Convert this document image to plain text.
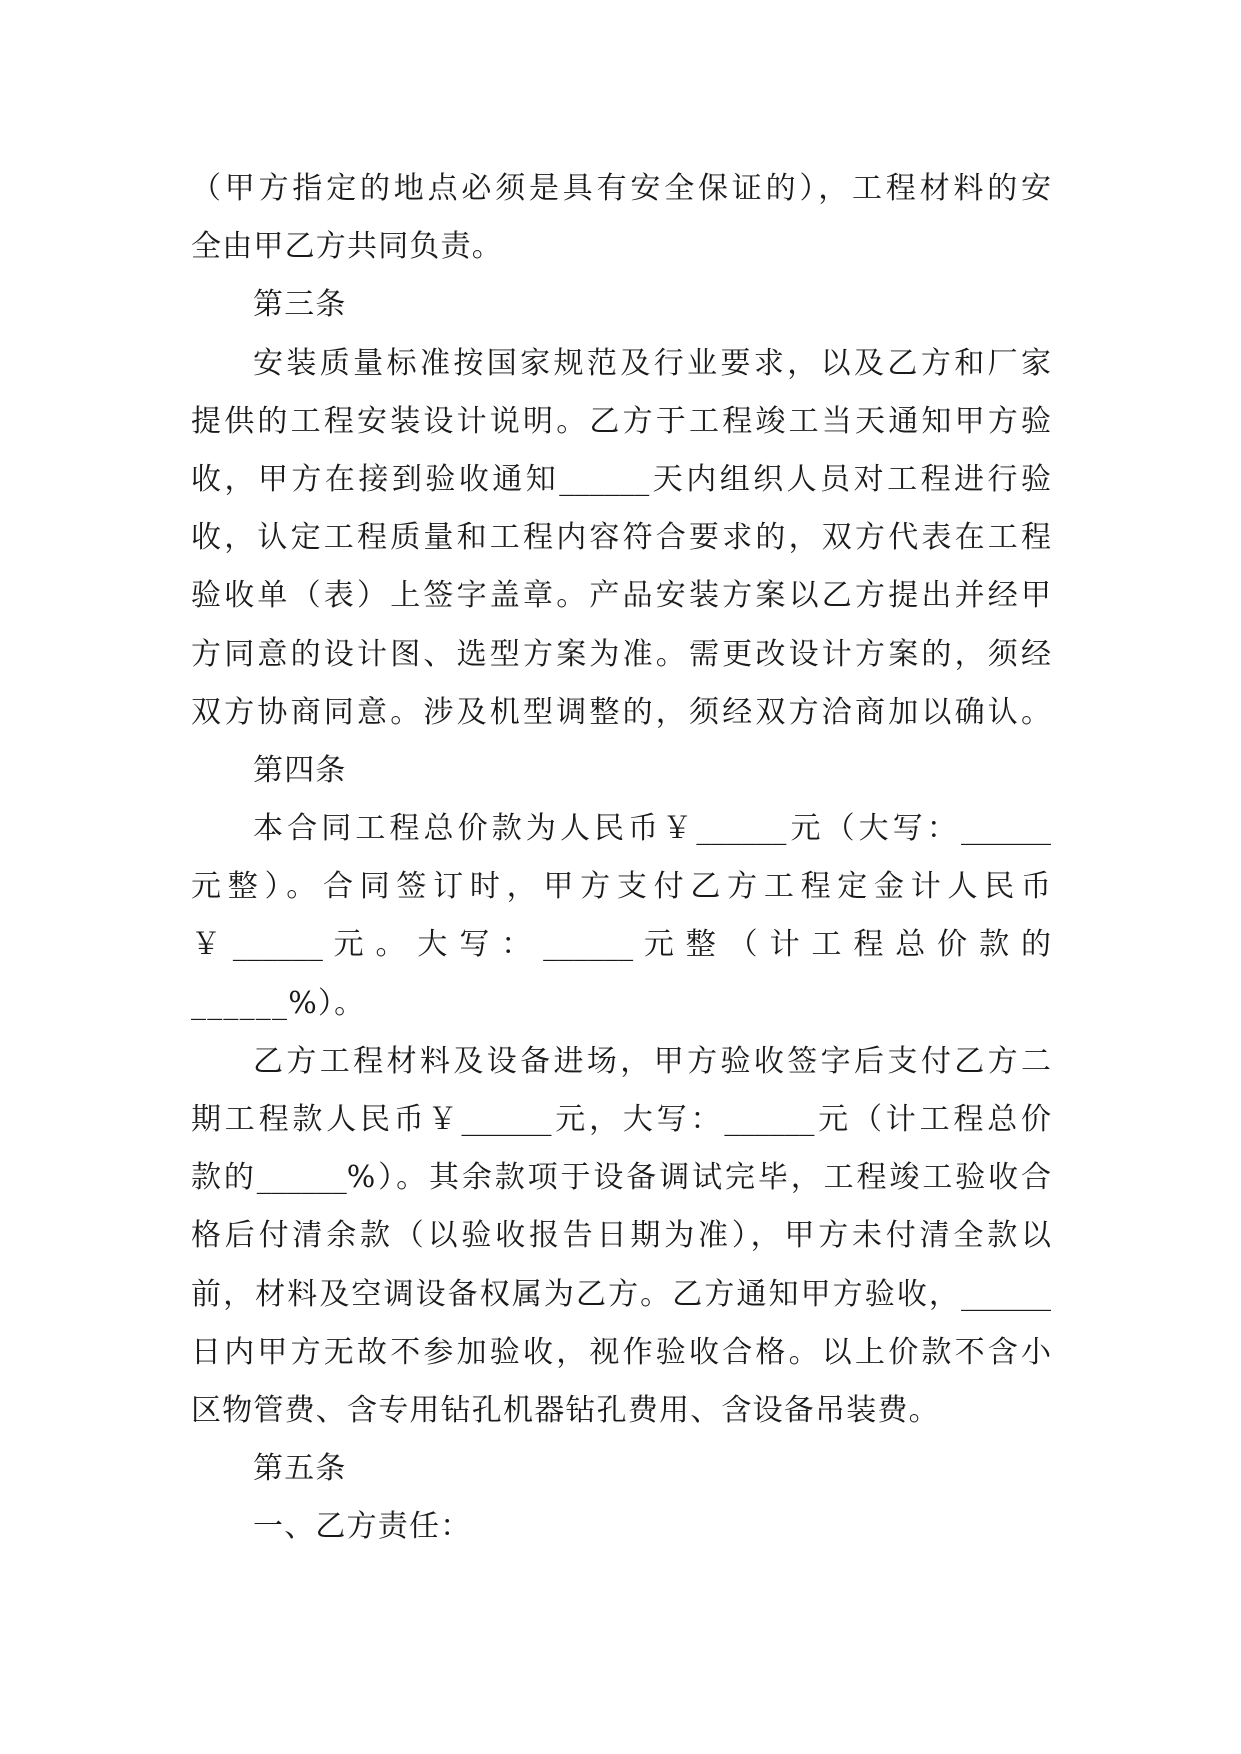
（甲方指定的地点必须是具有安全保证的），工程材料的安
全由甲乙方共同负责。
第三条
安装质量标准按国家规范及行业要求，以及乙方和厂家
提供的工程安装设计说明。乙方于工程竣工当天通知甲方验
收，甲方在接到验收通知______天内组织人员对工程进行验
收，认定工程质量和工程内容符合要求的，双方代表在工程
验收单（表）上签字盖章。产品安装方案以乙方提出并经甲
方同意的设计图、选型方案为准。需更改设计方案的，须经
双方协商同意。涉及机型调整的，须经双方洽商加以确认。
第四条
本合同工程总价款为人民币￥______元（大写：______
元整）。合同签订时，甲方支付乙方工程定金计人民币
￥ ______ 元 。 大 写 ： ______ 元 整 （ 计 工 程 总 价 款 的
______%）。
乙方工程材料及设备进场，甲方验收签字后支付乙方二
期工程款人民币￥______元，大写：______元（计工程总价
款的______%）。其余款项于设备调试完毕，工程竣工验收合
格后付清余款（以验收报告日期为准），甲方未付清全款以
前，材料及空调设备权属为乙方。乙方通知甲方验收，______
日内甲方无故不参加验收，视作验收合格。以上价款不含小
区物管费、含专用钻孔机器钻孔费用、含设备吊装费。
第五条
一、乙方责任：
